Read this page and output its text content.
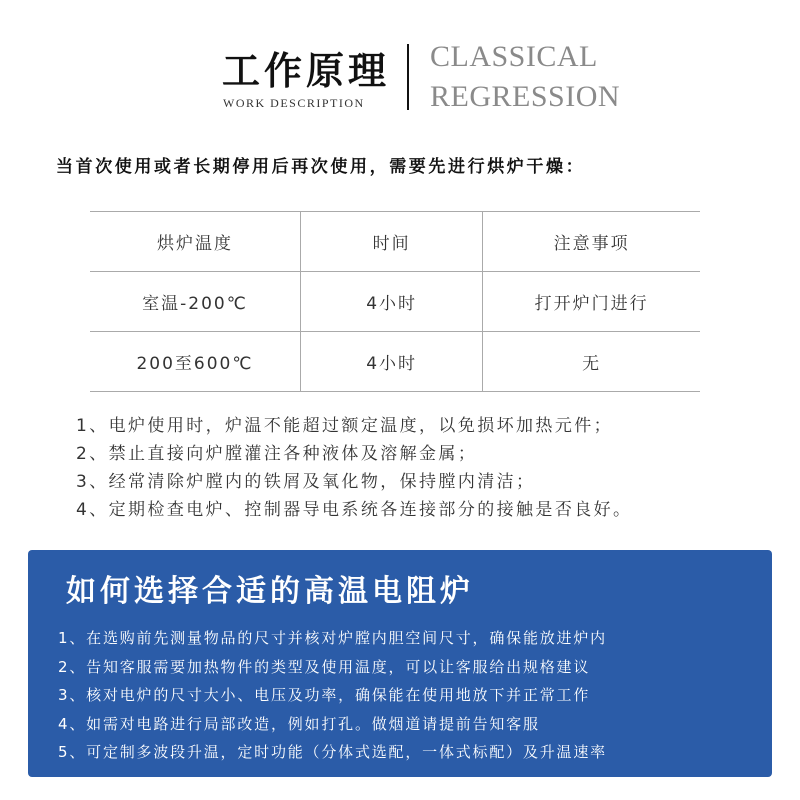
工作原理
WORK DESCRIPTION
CLASSICAL
REGRESSION
当首次使用或者长期停用后再次使用，需要先进行烘炉干燥：
烘炉温度	时间	注意事项
室温-200℃	4小时	打开炉门进行
200至600℃	4小时	无
1、电炉使用时，炉温不能超过额定温度，以免损坏加热元件；
2、禁止直接向炉膛灌注各种液体及溶解金属；
3、经常清除炉膛内的铁屑及氧化物，保持膛内清洁；
4、定期检查电炉、控制器导电系统各连接部分的接触是否良好。
如何选择合适的高温电阻炉
1、在选购前先测量物品的尺寸并核对炉膛内胆空间尺寸，确保能放进炉内
2、告知客服需要加热物件的类型及使用温度，可以让客服给出规格建议
3、核对电炉的尺寸大小、电压及功率，确保能在使用地放下并正常工作
4、如需对电路进行局部改造，例如打孔。做烟道请提前告知客服
5、可定制多波段升温，定时功能（分体式选配，一体式标配）及升温速率
